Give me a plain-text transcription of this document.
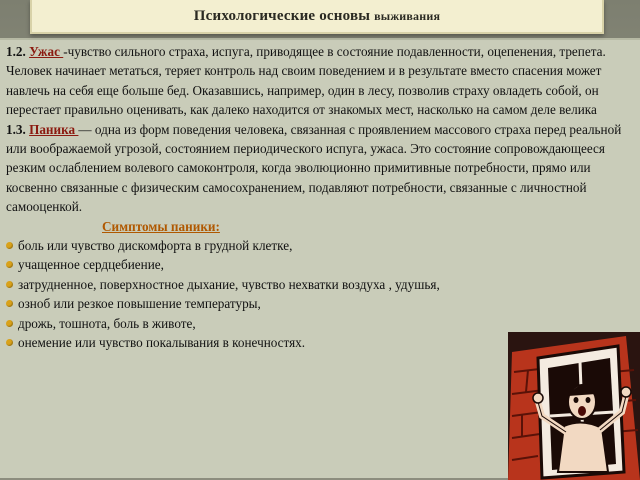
Психологические основы выживания

1.2. Ужас -чувство сильного страха, испуга, приводящее в состояние подавленности, оцепенения, трепета. Человек начинает метаться, теряет контроль над своим поведением и в результате вместо спасения может навлечь на себя еще больше бед. Оказавшись, например, один в лесу, позволив страху овладеть собой, он перестает правильно оценивать, как далеко находится от знакомых мест, насколько на самом деле велика

1.3. Паника — одна из форм поведения человека, связанная с проявлением массового страха перед реальной или воображаемой угрозой, состоянием периодического испуга, ужаса. Это состояние сопровождающееся резким ослаблением волевого самоконтроля, когда эволюционно примитивные потребности, прямо или косвенно связанные с физическим самосохранением, подавляют потребности, связанные с личностной самооценкой.

Симптомы паники:

боль или чувство дискомфорта в грудной клетке,
учащенное сердцебиение,
затрудненное, поверхностное дыхание, чувство нехватки воздуха , удушья,
озноб или резкое повышение температуры,
дрожь, тошнота, боль в животе,
онемение или чувство покалывания в конечностях.
